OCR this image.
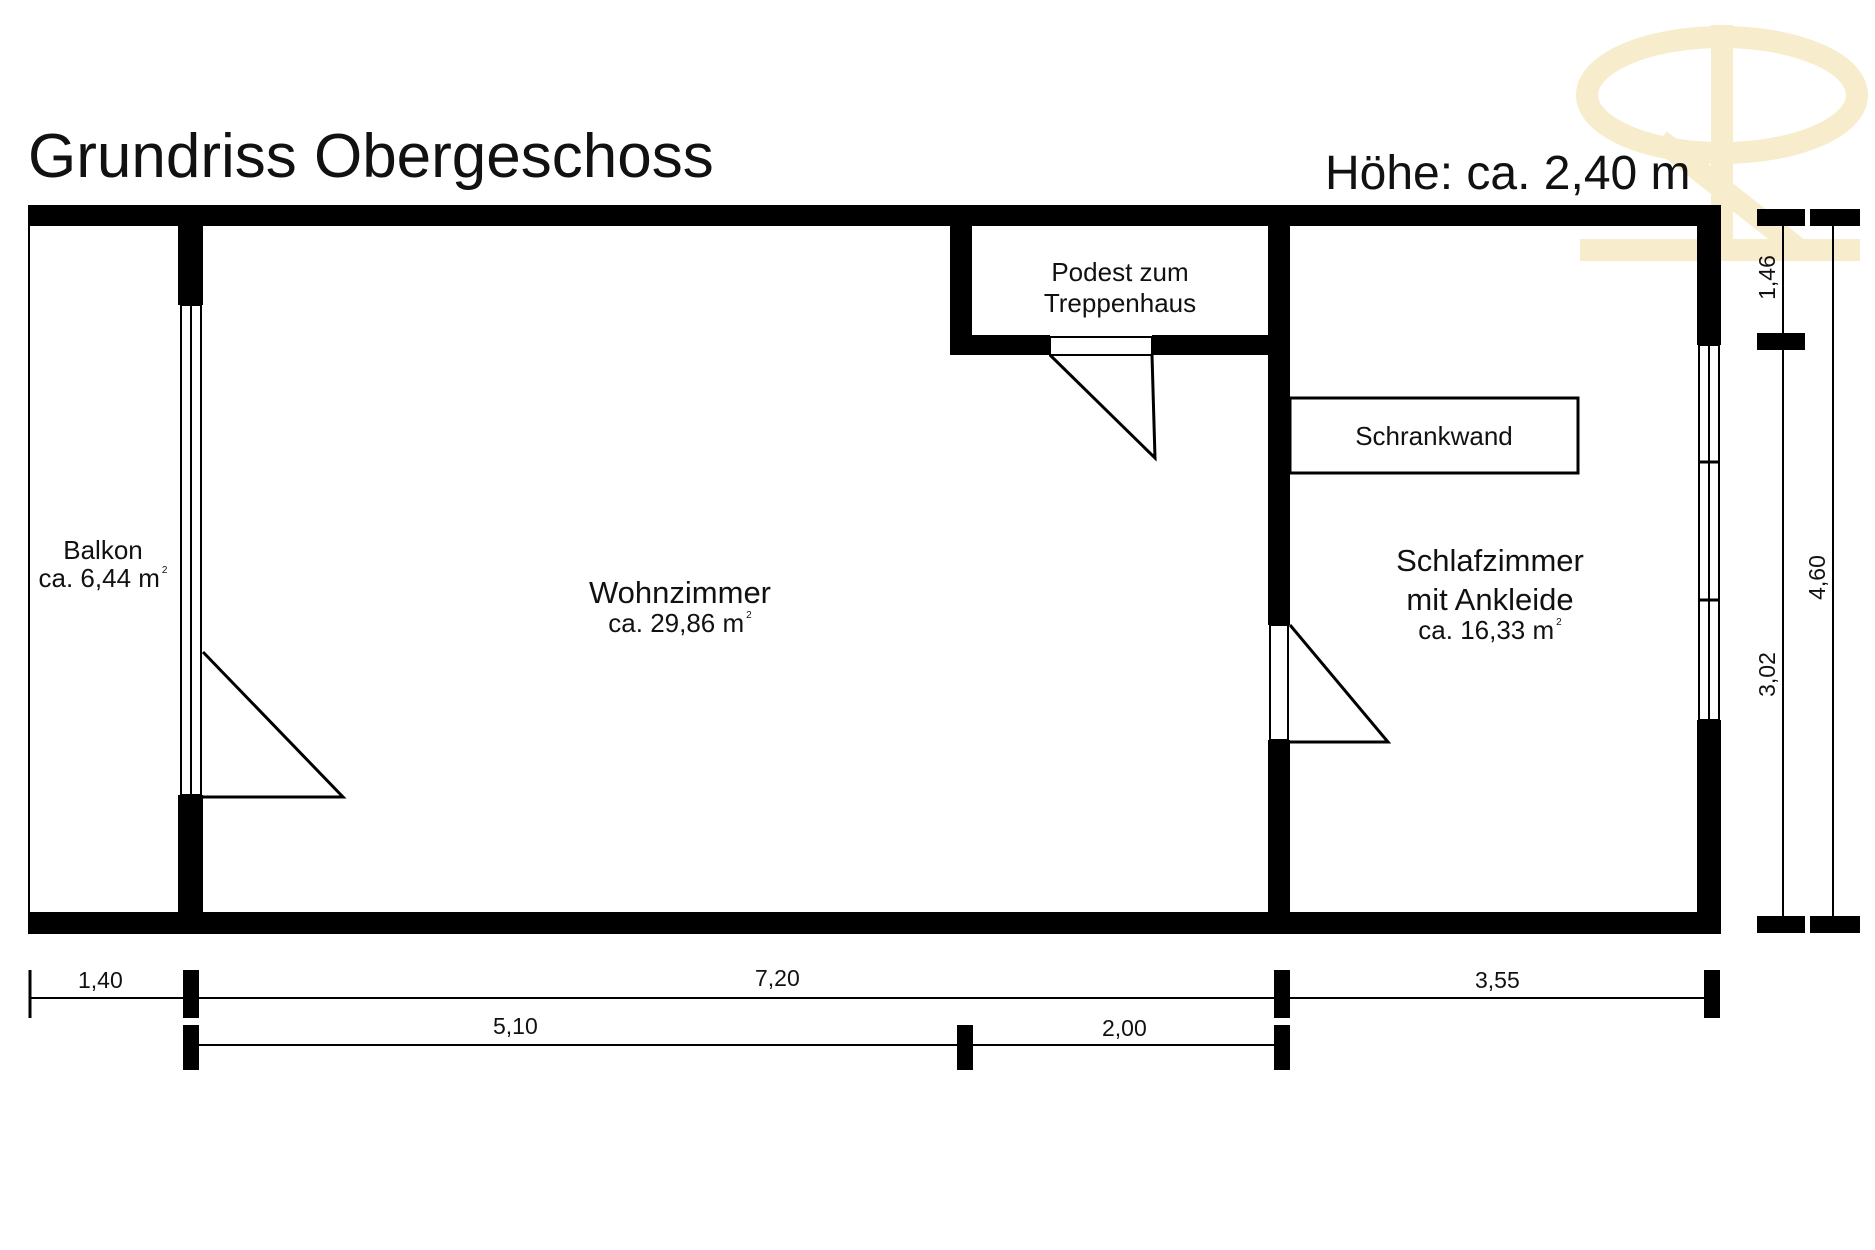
Grundriss Obergeschoss	Höhe: ca. 2,40 m
Balkon
ca. 6,44 m $^2$
Wohnzimmer
ca. 29,86 m $^2$
Podest zum
Treppenhaus
Schrankwand
Schlafzimmer
mit Ankleide
ca. 16,33 m $^2$
1,40	7,20	3,55
5,10	2,00
1,46
3,02
4,60
